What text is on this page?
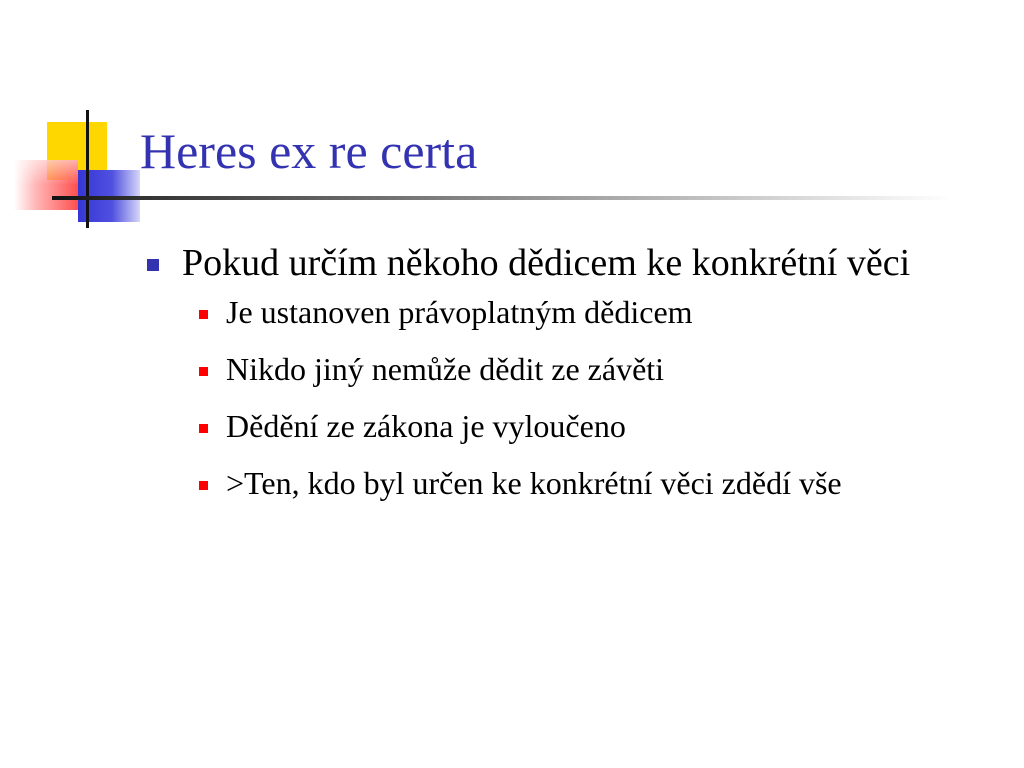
Heres ex re certa
Pokud určím někoho dědicem ke konkrétní věci
Je ustanoven právoplatným dědicem
Nikdo jiný nemůže dědit ze závěti
Dědění ze zákona je vyloučeno
>Ten, kdo byl určen ke konkrétní věci zdědí vše
